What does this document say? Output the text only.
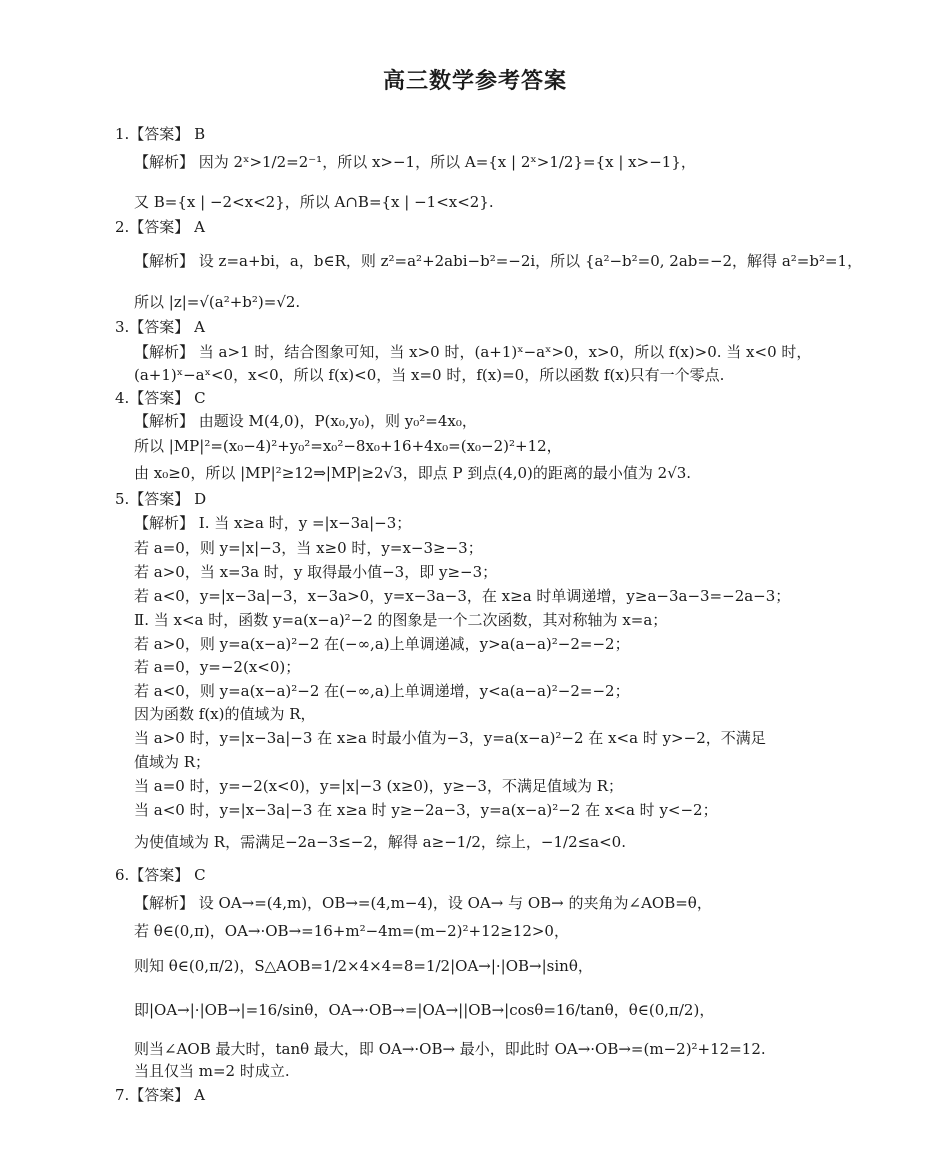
高三数学参考答案
1.【答案】 B
【解析】 因为 2ˣ>1/2=2⁻¹，所以 x>−1，所以 A={x | 2ˣ>1/2}={x | x>−1}，
又 B={x | −2<x<2}，所以 A∩B={x | −1<x<2}.
2.【答案】 A
【解析】 设 z=a+bi，a，b∈R，则 z²=a²+2abi−b²=−2i，所以 {a²−b²=0, 2ab=−2，解得 a²=b²=1，
所以 |z|=√(a²+b²)=√2.
3.【答案】 A
【解析】 当 a>1 时，结合图象可知，当 x>0 时，(a+1)ˣ−aˣ>0，x>0，所以 f(x)>0. 当 x<0 时，
(a+1)ˣ−aˣ<0，x<0，所以 f(x)<0，当 x=0 时，f(x)=0，所以函数 f(x)只有一个零点.
4.【答案】 C
【解析】 由题设 M(4,0)，P(x₀,y₀)，则 y₀²=4x₀，
所以 |MP|²=(x₀−4)²+y₀²=x₀²−8x₀+16+4x₀=(x₀−2)²+12，
由 x₀≥0，所以 |MP|²≥12⇒|MP|≥2√3，即点 P 到点(4,0)的距离的最小值为 2√3.
5.【答案】 D
【解析】 Ⅰ. 当 x≥a 时，y =|x−3a|−3；
若 a=0，则 y=|x|−3，当 x≥0 时，y=x−3≥−3；
若 a>0，当 x=3a 时，y 取得最小值−3，即 y≥−3；
若 a<0，y=|x−3a|−3，x−3a>0，y=x−3a−3，在 x≥a 时单调递增，y≥a−3a−3=−2a−3；
Ⅱ. 当 x<a 时，函数 y=a(x−a)²−2 的图象是一个二次函数，其对称轴为 x=a；
若 a>0，则 y=a(x−a)²−2 在(−∞,a)上单调递减，y>a(a−a)²−2=−2；
若 a=0，y=−2(x<0)；
若 a<0，则 y=a(x−a)²−2 在(−∞,a)上单调递增，y<a(a−a)²−2=−2；
因为函数 f(x)的值域为 R，
当 a>0 时，y=|x−3a|−3 在 x≥a 时最小值为−3，y=a(x−a)²−2 在 x<a 时 y>−2，不满足
值域为 R；
当 a=0 时，y=−2(x<0)，y=|x|−3 (x≥0)，y≥−3，不满足值域为 R；
当 a<0 时，y=|x−3a|−3 在 x≥a 时 y≥−2a−3，y=a(x−a)²−2 在 x<a 时 y<−2；
为使值域为 R，需满足−2a−3≤−2，解得 a≥−1/2，综上，−1/2≤a<0.
6.【答案】 C
【解析】 设 OA→=(4,m)，OB→=(4,m−4)，设 OA→ 与 OB→ 的夹角为∠AOB=θ，
若 θ∈(0,π)，OA→·OB→=16+m²−4m=(m−2)²+12≥12>0，
则知 θ∈(0,π/2)，S△AOB=1/2×4×4=8=1/2|OA→|·|OB→|sinθ，
即|OA→|·|OB→|=16/sinθ，OA→·OB→=|OA→||OB→|cosθ=16/tanθ，θ∈(0,π/2)，
则当∠AOB 最大时，tanθ 最大，即 OA→·OB→ 最小，即此时 OA→·OB→=(m−2)²+12=12.
当且仅当 m=2 时成立.
7.【答案】 A
